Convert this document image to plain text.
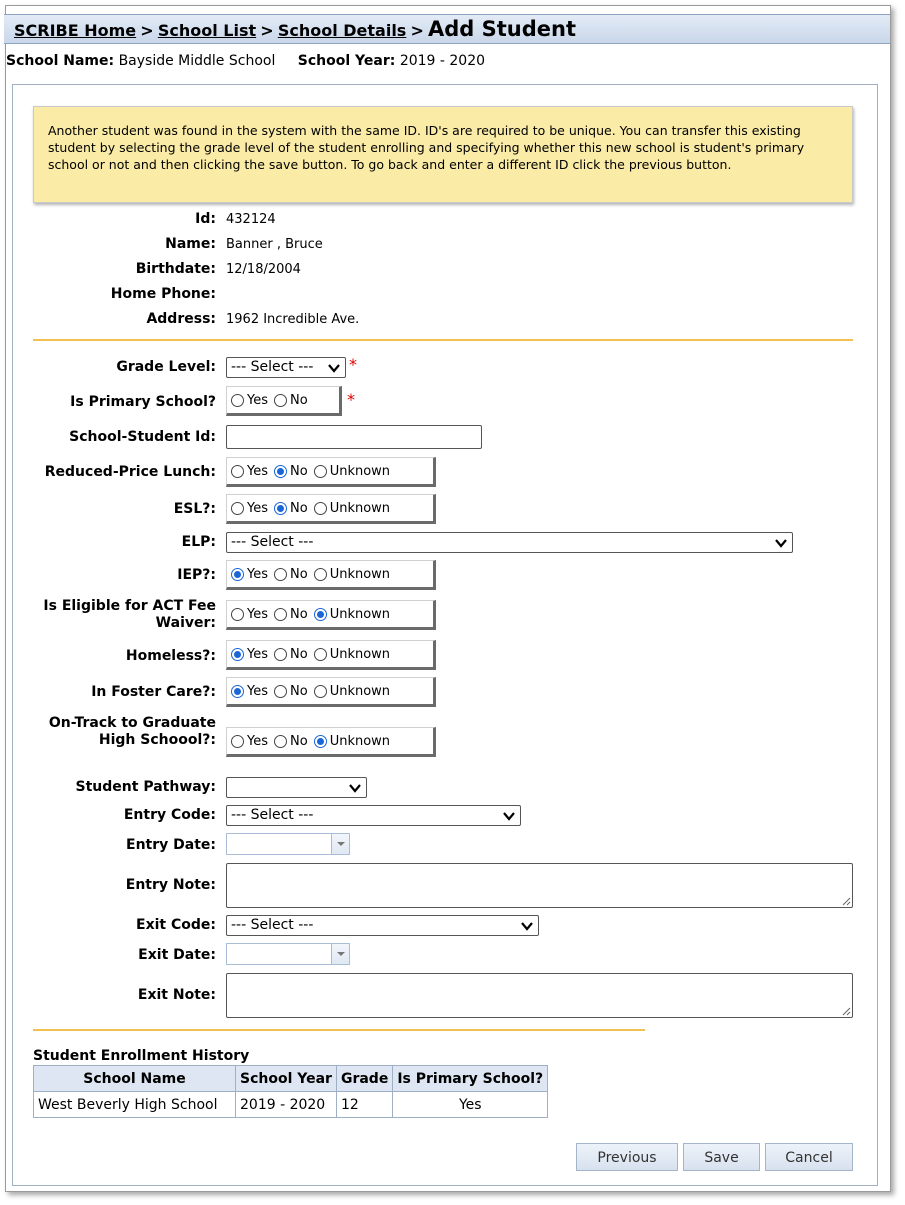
SCRIBE Home > School List > School Details > Add Student
School Name: Bayside Middle School School Year: 2019 - 2020
Another student was found in the system with the same ID. ID's are required to be unique. You can transfer this existing student by selecting the grade level of the student enrolling and specifying whether this new school is student's primary school or not and then clicking the save button. To go back and enter a different ID click the previous button.
Id: 432124
Name: Banner , Bruce
Birthdate: 12/18/2004
Home Phone:
Address: 1962 Incredible Ave.
Grade Level:	--- Select ---	*
Is Primary School? Yes No *
School-Student Id:
Reduced-Price Lunch: Yes No Unknown
ESL?: Yes No Unknown
ELP:	--- Select ---
IEP?: Yes No Unknown
Is Eligible for ACT Fee Waiver:
Yes No Unknown
Homeless?: Yes No Unknown
In Foster Care?: Yes No Unknown
On-Track to Graduate High Schoool?: Yes No Unknown
Student Pathway:
Entry Code:	--- Select ---
Entry Date:
Entry Note:
Exit Code:	--- Select ---
Exit Date:
Exit Note:
Student Enrollment History
School Name	School Year	Grade	Is Primary School?
West Beverly High School	2019 - 2020	12	Yes
Previous	Save	Cancel
